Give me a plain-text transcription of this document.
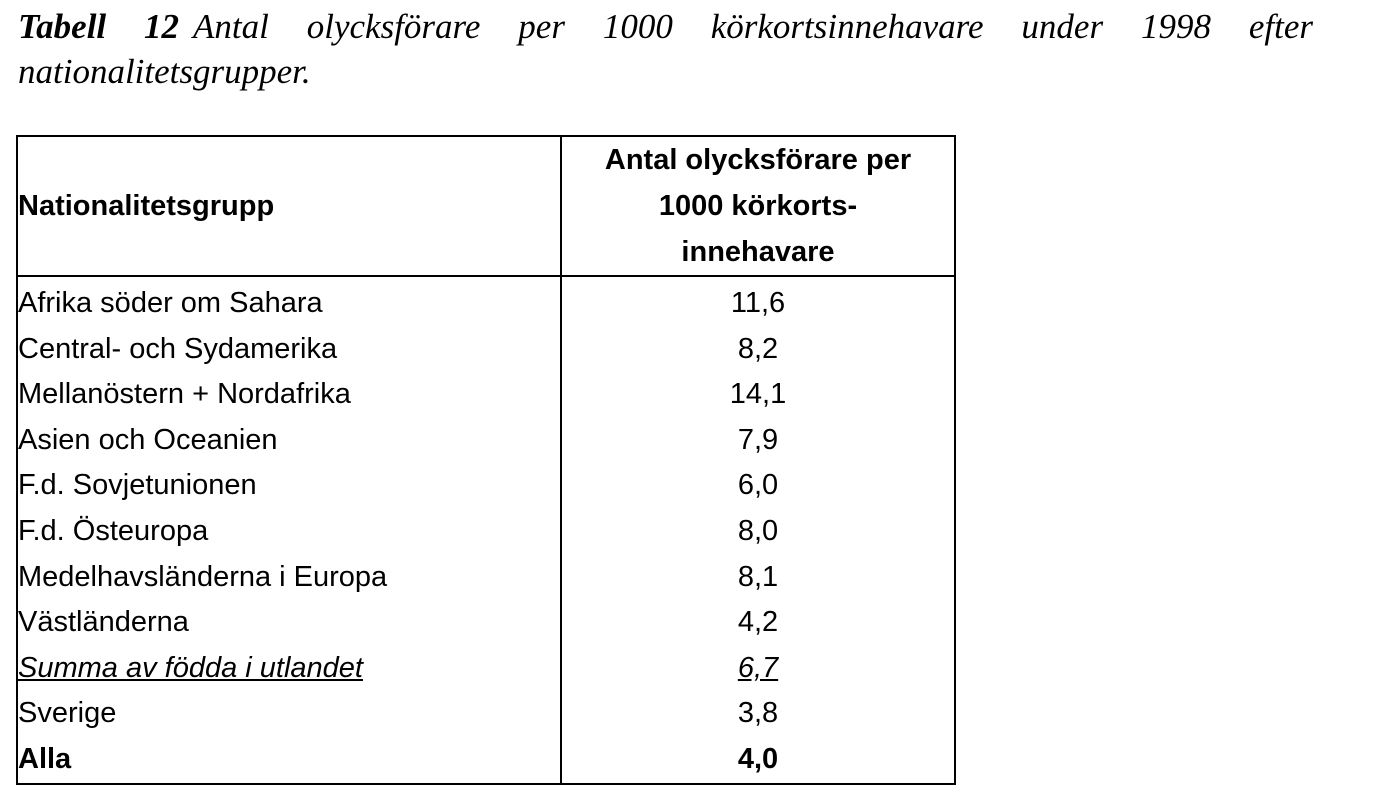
Tabell 12 Antal olycksförare per 1000 körkortsinnehavare under 1998 efter
nationalitetsgrupper.
Nationalitetsgrupp	Antal olycksförare per
1000 körkorts-
innehavare
Afrika söder om Sahara	11,6
Central- och Sydamerika	8,2
Mellanöstern + Nordafrika	14,1
Asien och Oceanien	7,9
F.d. Sovjetunionen	6,0
F.d. Östeuropa	8,0
Medelhavsländerna i Europa	8,1
Västländerna	4,2
Summa av födda i utlandet	6,7
Sverige	3,8
Alla	4,0
